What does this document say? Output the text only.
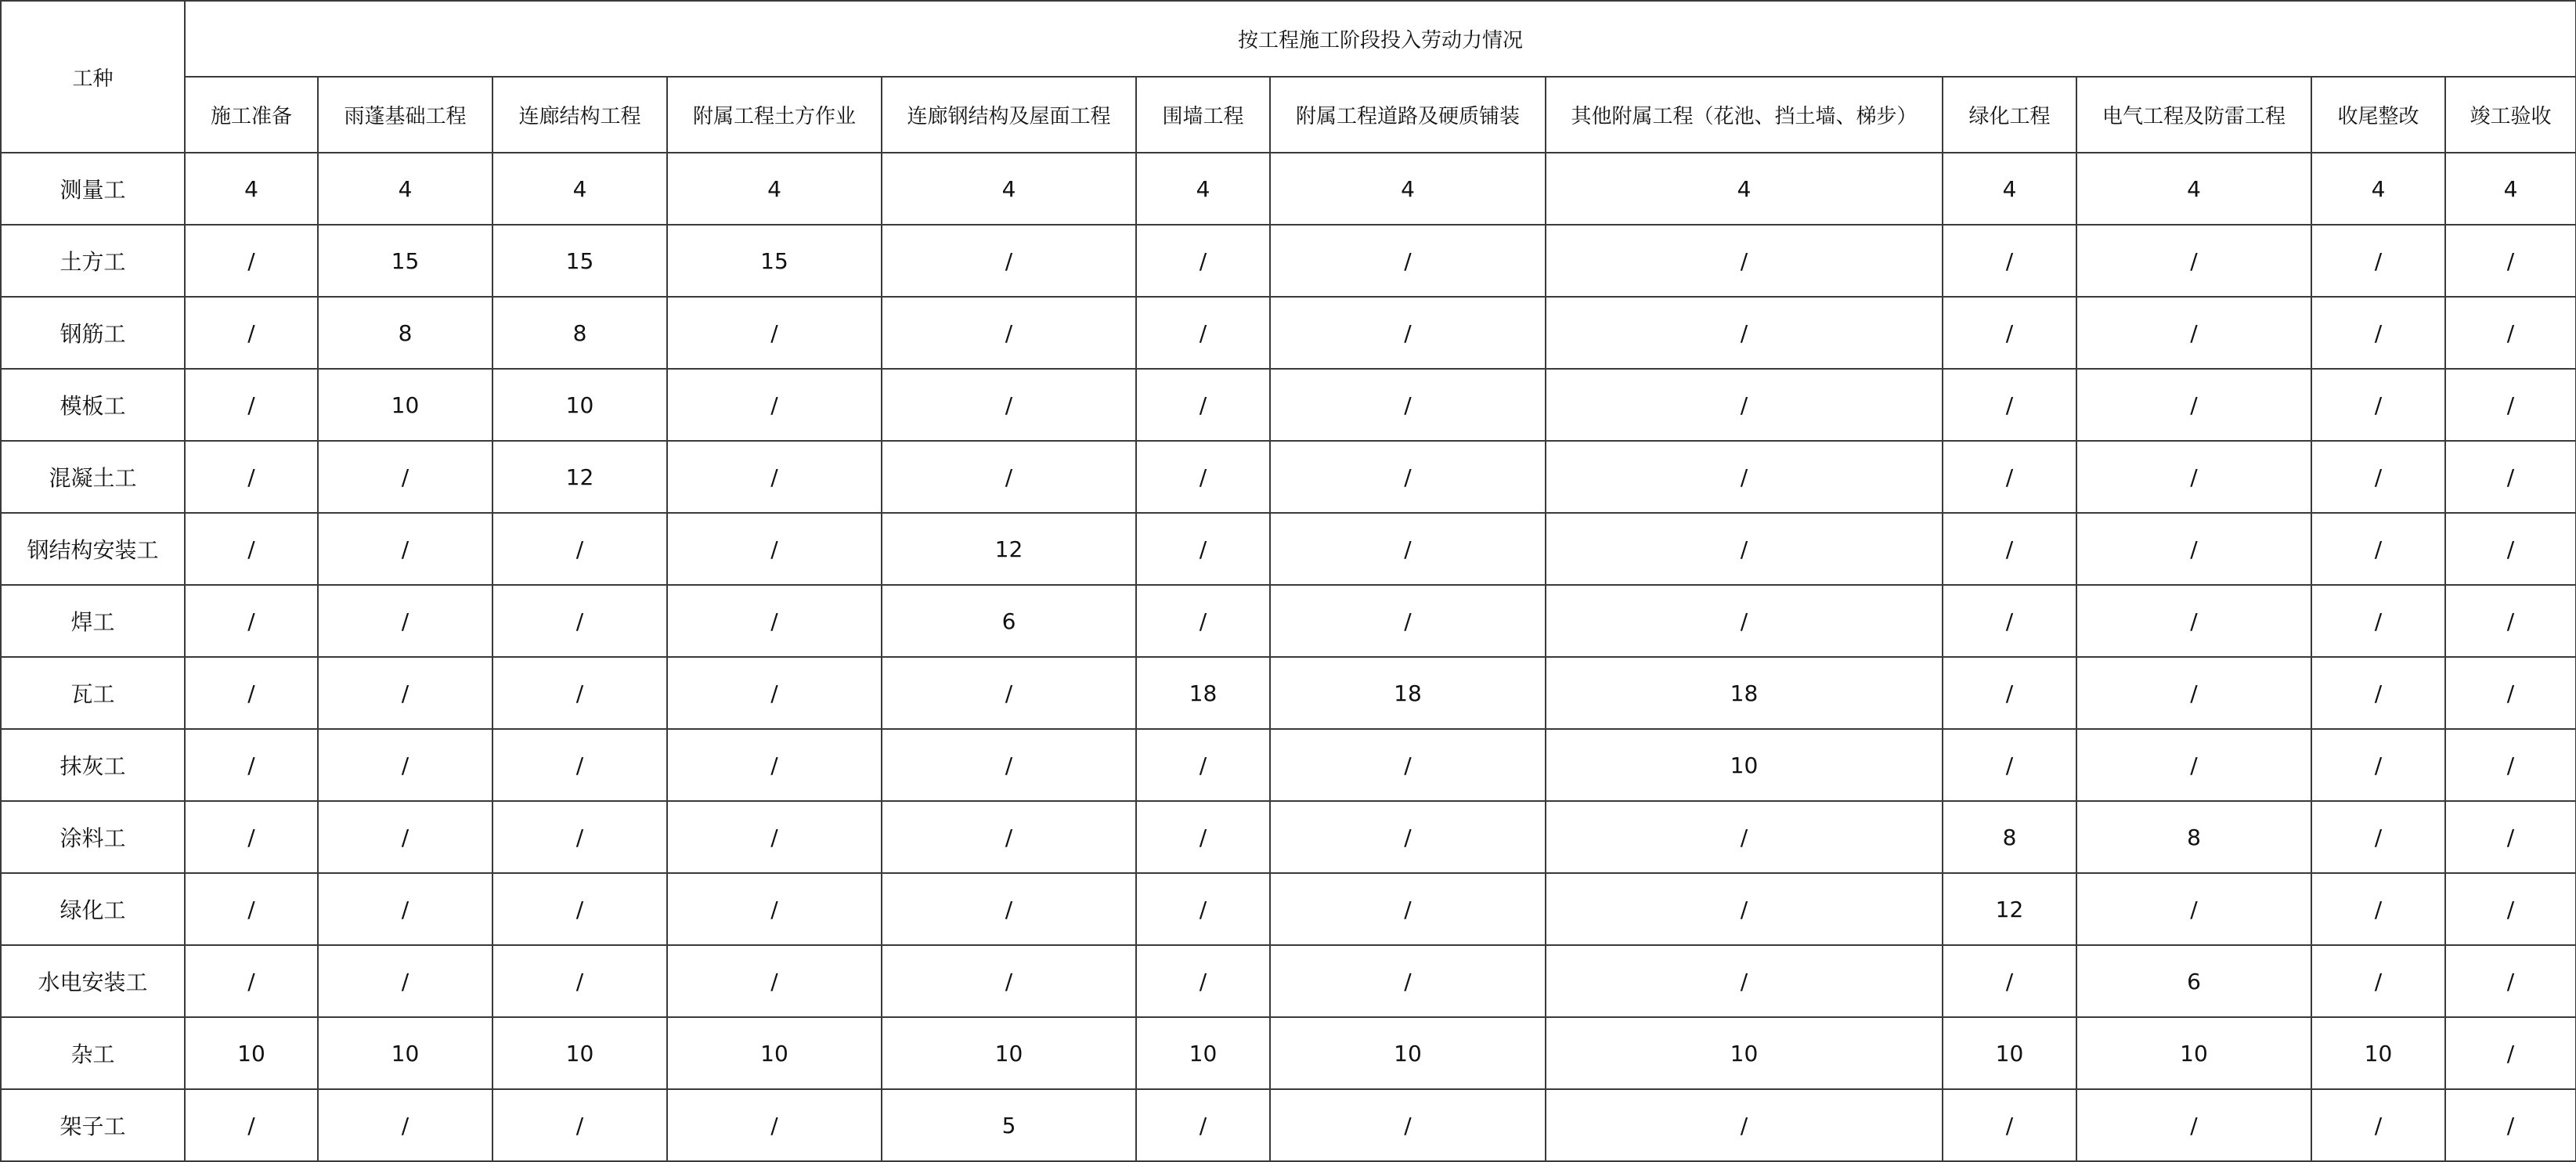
工种	按工程施工阶段投入劳动力情况											
	施工准备	雨蓬基础工程	连廊结构工程	附属工程土方作业	连廊钢结构及屋面工程	围墙工程	附属工程道路及硬质铺装	其他附属工程（花池、挡土墙、梯步）	绿化工程	电气工程及防雷工程	收尾整改	竣工验收
测量工	4	4	4	4	4	4	4	4	4	4	4	4
土方工	/	15	15	15	/	/	/	/	/	/	/	/
钢筋工	/	8	8	/	/	/	/	/	/	/	/	/
模板工	/	10	10	/	/	/	/	/	/	/	/	/
混凝土工	/	/	12	/	/	/	/	/	/	/	/	/
钢结构安装工	/	/	/	/	12	/	/	/	/	/	/	/
焊工	/	/	/	/	6	/	/	/	/	/	/	/
瓦工	/	/	/	/	/	18	18	18	/	/	/	/
抹灰工	/	/	/	/	/	/	/	10	/	/	/	/
涂料工	/	/	/	/	/	/	/	/	8	8	/	/
绿化工	/	/	/	/	/	/	/	/	12	/	/	/
水电安装工	/	/	/	/	/	/	/	/	/	6	/	/
杂工	10	10	10	10	10	10	10	10	10	10	10	/
架子工	/	/	/	/	5	/	/	/	/	/	/	/
